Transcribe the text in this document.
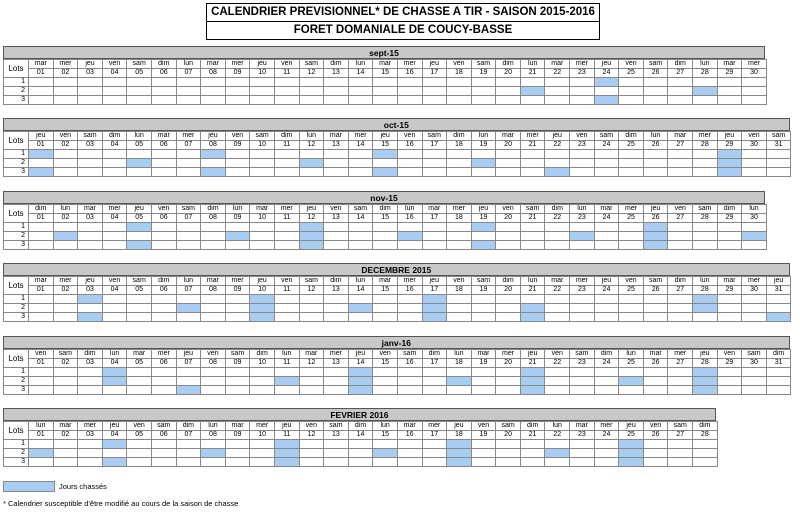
CALENDRIER PREVISIONNEL* DE CHASSE A TIR - SAISON 2015-2016
FORET DOMANIALE DE COUCY-BASSE
sept-15
Lots	mar	mer	jeu	ven	sam	dim	lun	mar	mer	jeu	ven	sam	dim	lun	mar	mer	jeu	ven	sam	dim	lun	mar	mer	jeu	ven	sam	dim	lun	mar	mer
	01	02	03	04	05	06	07	08	09	10	11	12	13	14	15	16	17	18	19	20	21	22	23	24	25	26	27	28	29	30
1																														
2																														
3																														
oct-15
Lots	jeu	ven	sam	dim	lun	mar	mer	jeu	ven	sam	dim	lun	mar	mer	jeu	ven	sam	dim	lun	mar	mer	jeu	ven	sam	dim	lun	mar	mer	jeu	ven	sam
	01	02	03	04	05	06	07	08	09	10	11	12	13	14	15	16	17	18	19	20	21	22	23	24	25	26	27	28	29	30	31
1																															
2																															
3																															
nov-15
Lots	dim	lun	mar	mer	jeu	ven	sam	dim	lun	mar	mer	jeu	ven	sam	dim	lun	mar	mer	jeu	ven	sam	dim	lun	mar	mer	jeu	ven	sam	dim	lun
	01	02	03	04	05	06	07	08	09	10	11	12	13	14	15	16	17	18	19	20	21	22	23	24	25	26	27	28	29	30
1																														
2																														
3																														
DECEMBRE 2015
Lots	mar	mer	jeu	ven	sam	dim	lun	mar	mer	jeu	ven	sam	dim	lun	mar	mer	jeu	ven	sam	dim	lun	mar	mer	jeu	ven	sam	dim	lun	mar	mer	jeu
	01	02	03	04	05	06	07	08	09	10	11	12	13	14	15	16	17	18	19	20	21	22	23	24	25	26	27	28	29	30	31
1																															
2																															
3																															
janv-16
Lots	ven	sam	dim	lun	mar	mer	jeu	ven	sam	dim	lun	mar	mer	jeu	ven	sam	dim	lun	mar	mer	jeu	ven	sam	dim	lun	mar	mer	jeu	ven	sam	dim
	01	02	03	04	05	06	07	08	09	10	11	12	13	14	15	16	17	18	19	20	21	22	23	24	25	26	27	28	29	30	31
1																															
2																															
3																															
FEVRIER 2016
Lots	lun	mar	mer	jeu	ven	sam	dim	lun	mar	mer	jeu	ven	sam	dim	lun	mar	mer	jeu	ven	sam	dim	lun	mar	mer	jeu	ven	sam	dim
	01	02	03	04	05	06	07	08	09	10	11	12	13	14	15	16	17	18	19	20	21	22	23	24	25	26	27	28
1																												
2																												
3																												
Jours chassés
* Calendrier susceptible d'être modifié au cours de la saison de chasse
